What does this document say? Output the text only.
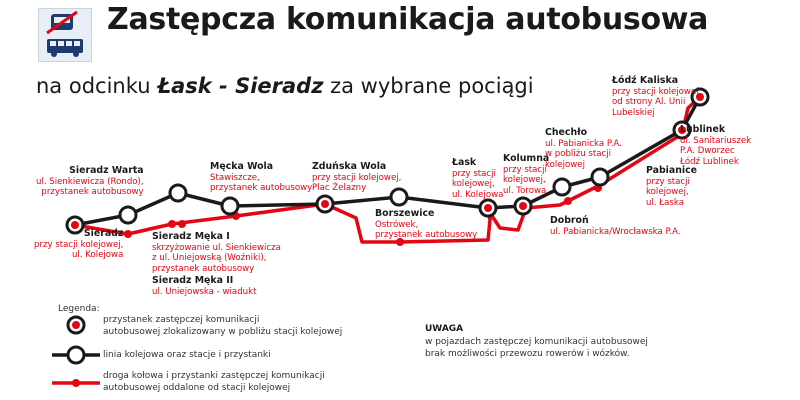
Zastępcza komunikacja autobusowa
na odcinku Łask - Sieradz za wybrane pociągi
Sieradz
przy stacji kolejowej,
ul. Kolejowa
Sieradz Warta
ul. Sienkiewicza (Rondo),
przystanek autobusowy
Sieradz Męka I
skrzyżowanie ul. Sienkiewicza
z ul. Uniejowską (Woźniki),
przystanek autobusowy
Sieradz Męka II
ul. Uniejowska - wiadukt
Męcka Wola
Stawiszcze,
przystanek autobusowy
Zduńska Wola
przy stacji kolejowej,
Plac Żelazny
Borszewice
Ostrówek,
przystanek autobusowy
Łask
przy stacji
kolejowej,
ul. Kolejowa
Kolumna
przy stacji
kolejowej,
ul. Torowa
Dobroń
ul. Pabianicka/Wrocławska P.A.
Chechło
ul. Pabianicka P.A.
w pobliżu stacji
kolejowej
Pabianice
przy stacji
kolejowej,
ul. Łaska
Lublinek
ul. Sanitariuszek
P.A. Dworzec
Łódź Lublinek
Łódź Kaliska
przy stacji kolejowej
od strony Al. Unii
Lubelskiej
Legenda:
przystanek zastępczej komunikacji
autobusowej zlokalizowany w pobliżu stacji kolejowej
linia kolejowa oraz stacje i przystanki
droga kołowa i przystanki zastępczej komunikacji
autobusowej oddalone od stacji kolejowej
UWAGA
w pojazdach zastępczej komunikacji autobusowej
brak możliwości przewozu rowerów i wózków.
